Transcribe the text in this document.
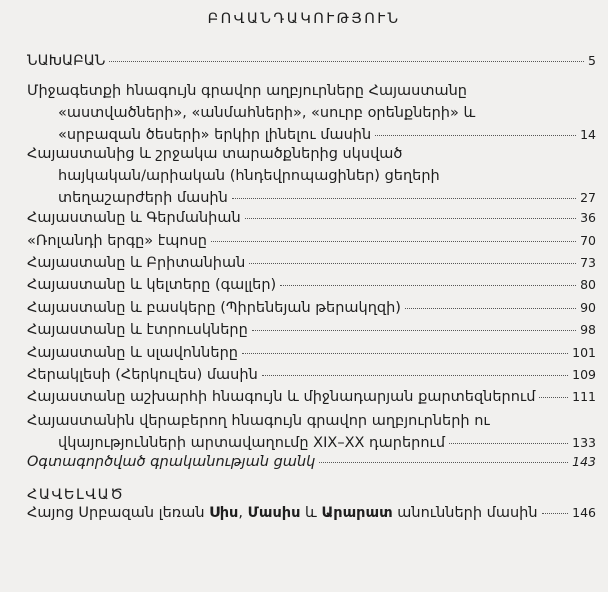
ԲՈՎԱՆԴԱԿՈՒԹՅՈՒՆ
ՆԱԽԱԲԱՆ	5
Միջագետքի հնագույն գրավոր աղբյուրները Հայաստանը
«աստվածների», «անմահների», «սուրբ օրենքների» և
«սրբազան ծեսերի» երկիր լինելու մասին	14
Հայաստանից և շրջակա տարածքներից սկսված
հայկական/արիական (հնդեվրոպացիներ) ցեղերի
տեղաշարժերի մասին	27
Հայաստանը և Գերմանիան	36
«Ռոլանդի երգը» էպոսը	70
Հայաստանը և Բրիտանիան	73
Հայաստանը և կելտերը (գալլեր)	80
Հայաստանը և բասկերը (Պիրենեյան թերակղզի)	90
Հայաստանը և էտրուսկները	98
Հայաստանը և սլավոնները	101
Հերակլեսի (Հերկուլես) մասին	109
Հայաստանը աշխարհի հնագույն և միջնադարյան քարտեզներում	111
Հայաստանին վերաբերող հնագույն գրավոր աղբյուրների ու
վկայությունների արտավաղումը XIX–XX դարերում	133
Օգտագործված գրականության ցանկ	143
ՀԱՎԵԼՎԱԾ
Հայոց Սրբազան լեռան Սիս, Մասիս և Արարատ անունների մասին	146
